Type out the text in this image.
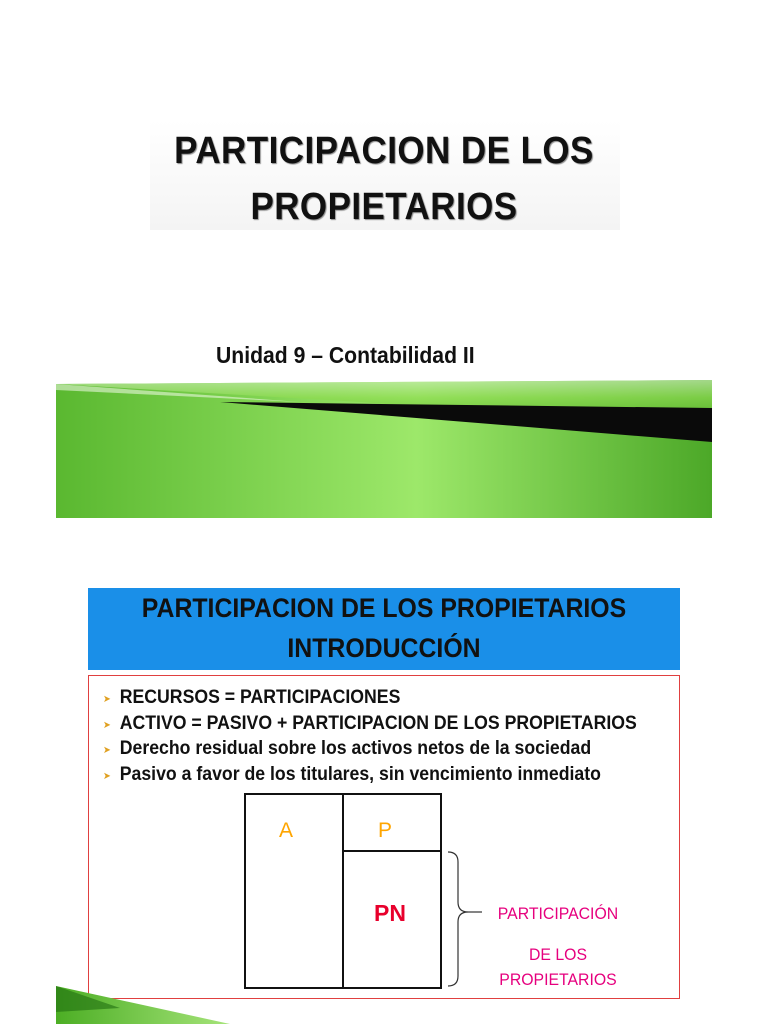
PARTICIPACION DE LOS
PROPIETARIOS
Unidad 9 – Contabilidad II
PARTICIPACION DE LOS PROPIETARIOS
INTRODUCCIÓN
➤ RECURSOS = PARTICIPACIONES
➤ ACTIVO = PASIVO + PARTICIPACION DE LOS PROPIETARIOS
➤ Derecho residual sobre los activos netos de la sociedad
➤ Pasivo a favor de los titulares, sin vencimiento inmediato
A	P
PN	PARTICIPACIÓN
DE LOS
PROPIETARIOS
